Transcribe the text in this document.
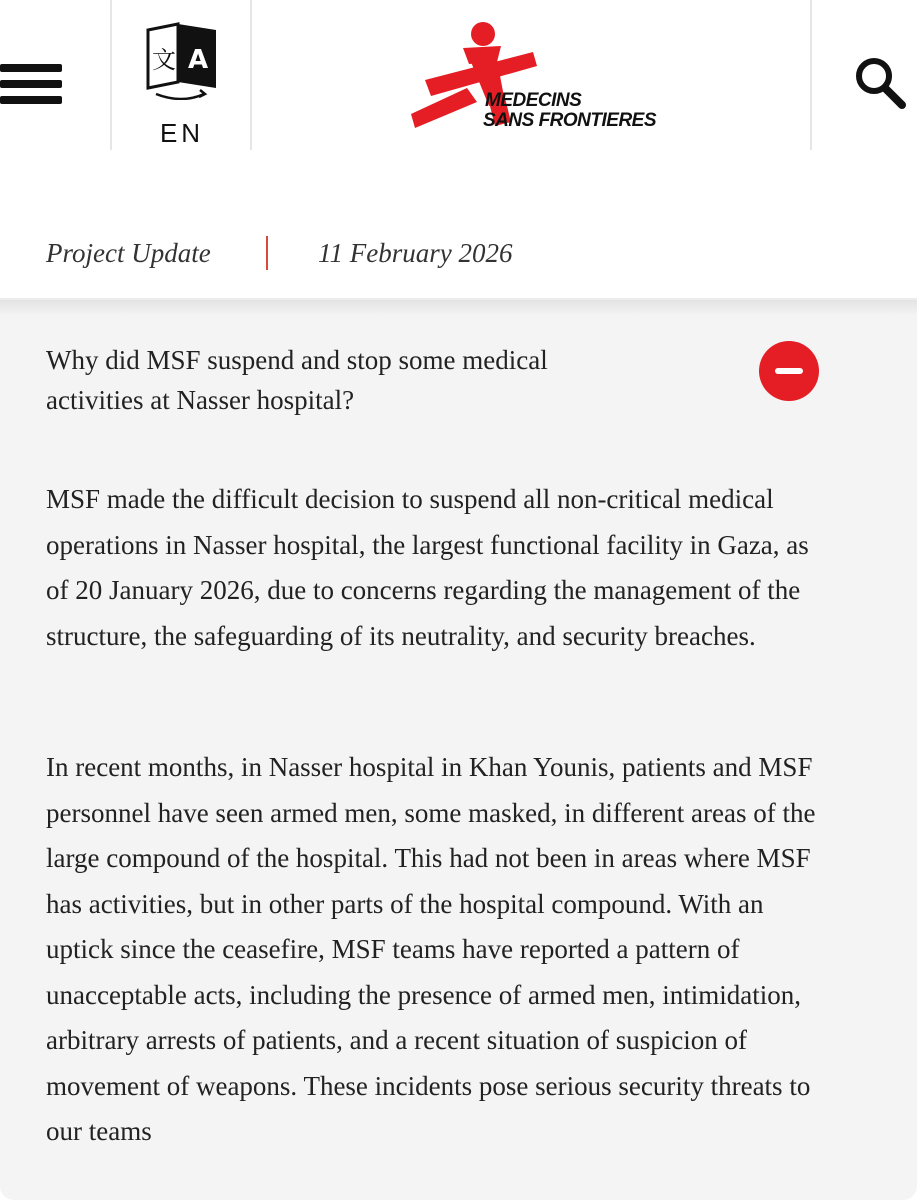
文 A
EN
MEDECINS
SANS FRONTIERES
Project Update	11 February 2026
Why did MSF suspend and stop some medical activities at Nasser hospital?

MSF made the difficult decision to suspend all non-critical medical operations in Nasser hospital, the largest functional facility in Gaza, as of 20 January 2026, due to concerns regarding the management of the structure, the safeguarding of its neutrality, and security breaches.

In recent months, in Nasser hospital in Khan Younis, patients and MSF personnel have seen armed men, some masked, in different areas of the large compound of the hospital. This had not been in areas where MSF has activities, but in other parts of the hospital compound. With an uptick since the ceasefire, MSF teams have reported a pattern of unacceptable acts, including the presence of armed men, intimidation, arbitrary arrests of patients, and a recent situation of suspicion of movement of weapons. These incidents pose serious security threats to our teams
